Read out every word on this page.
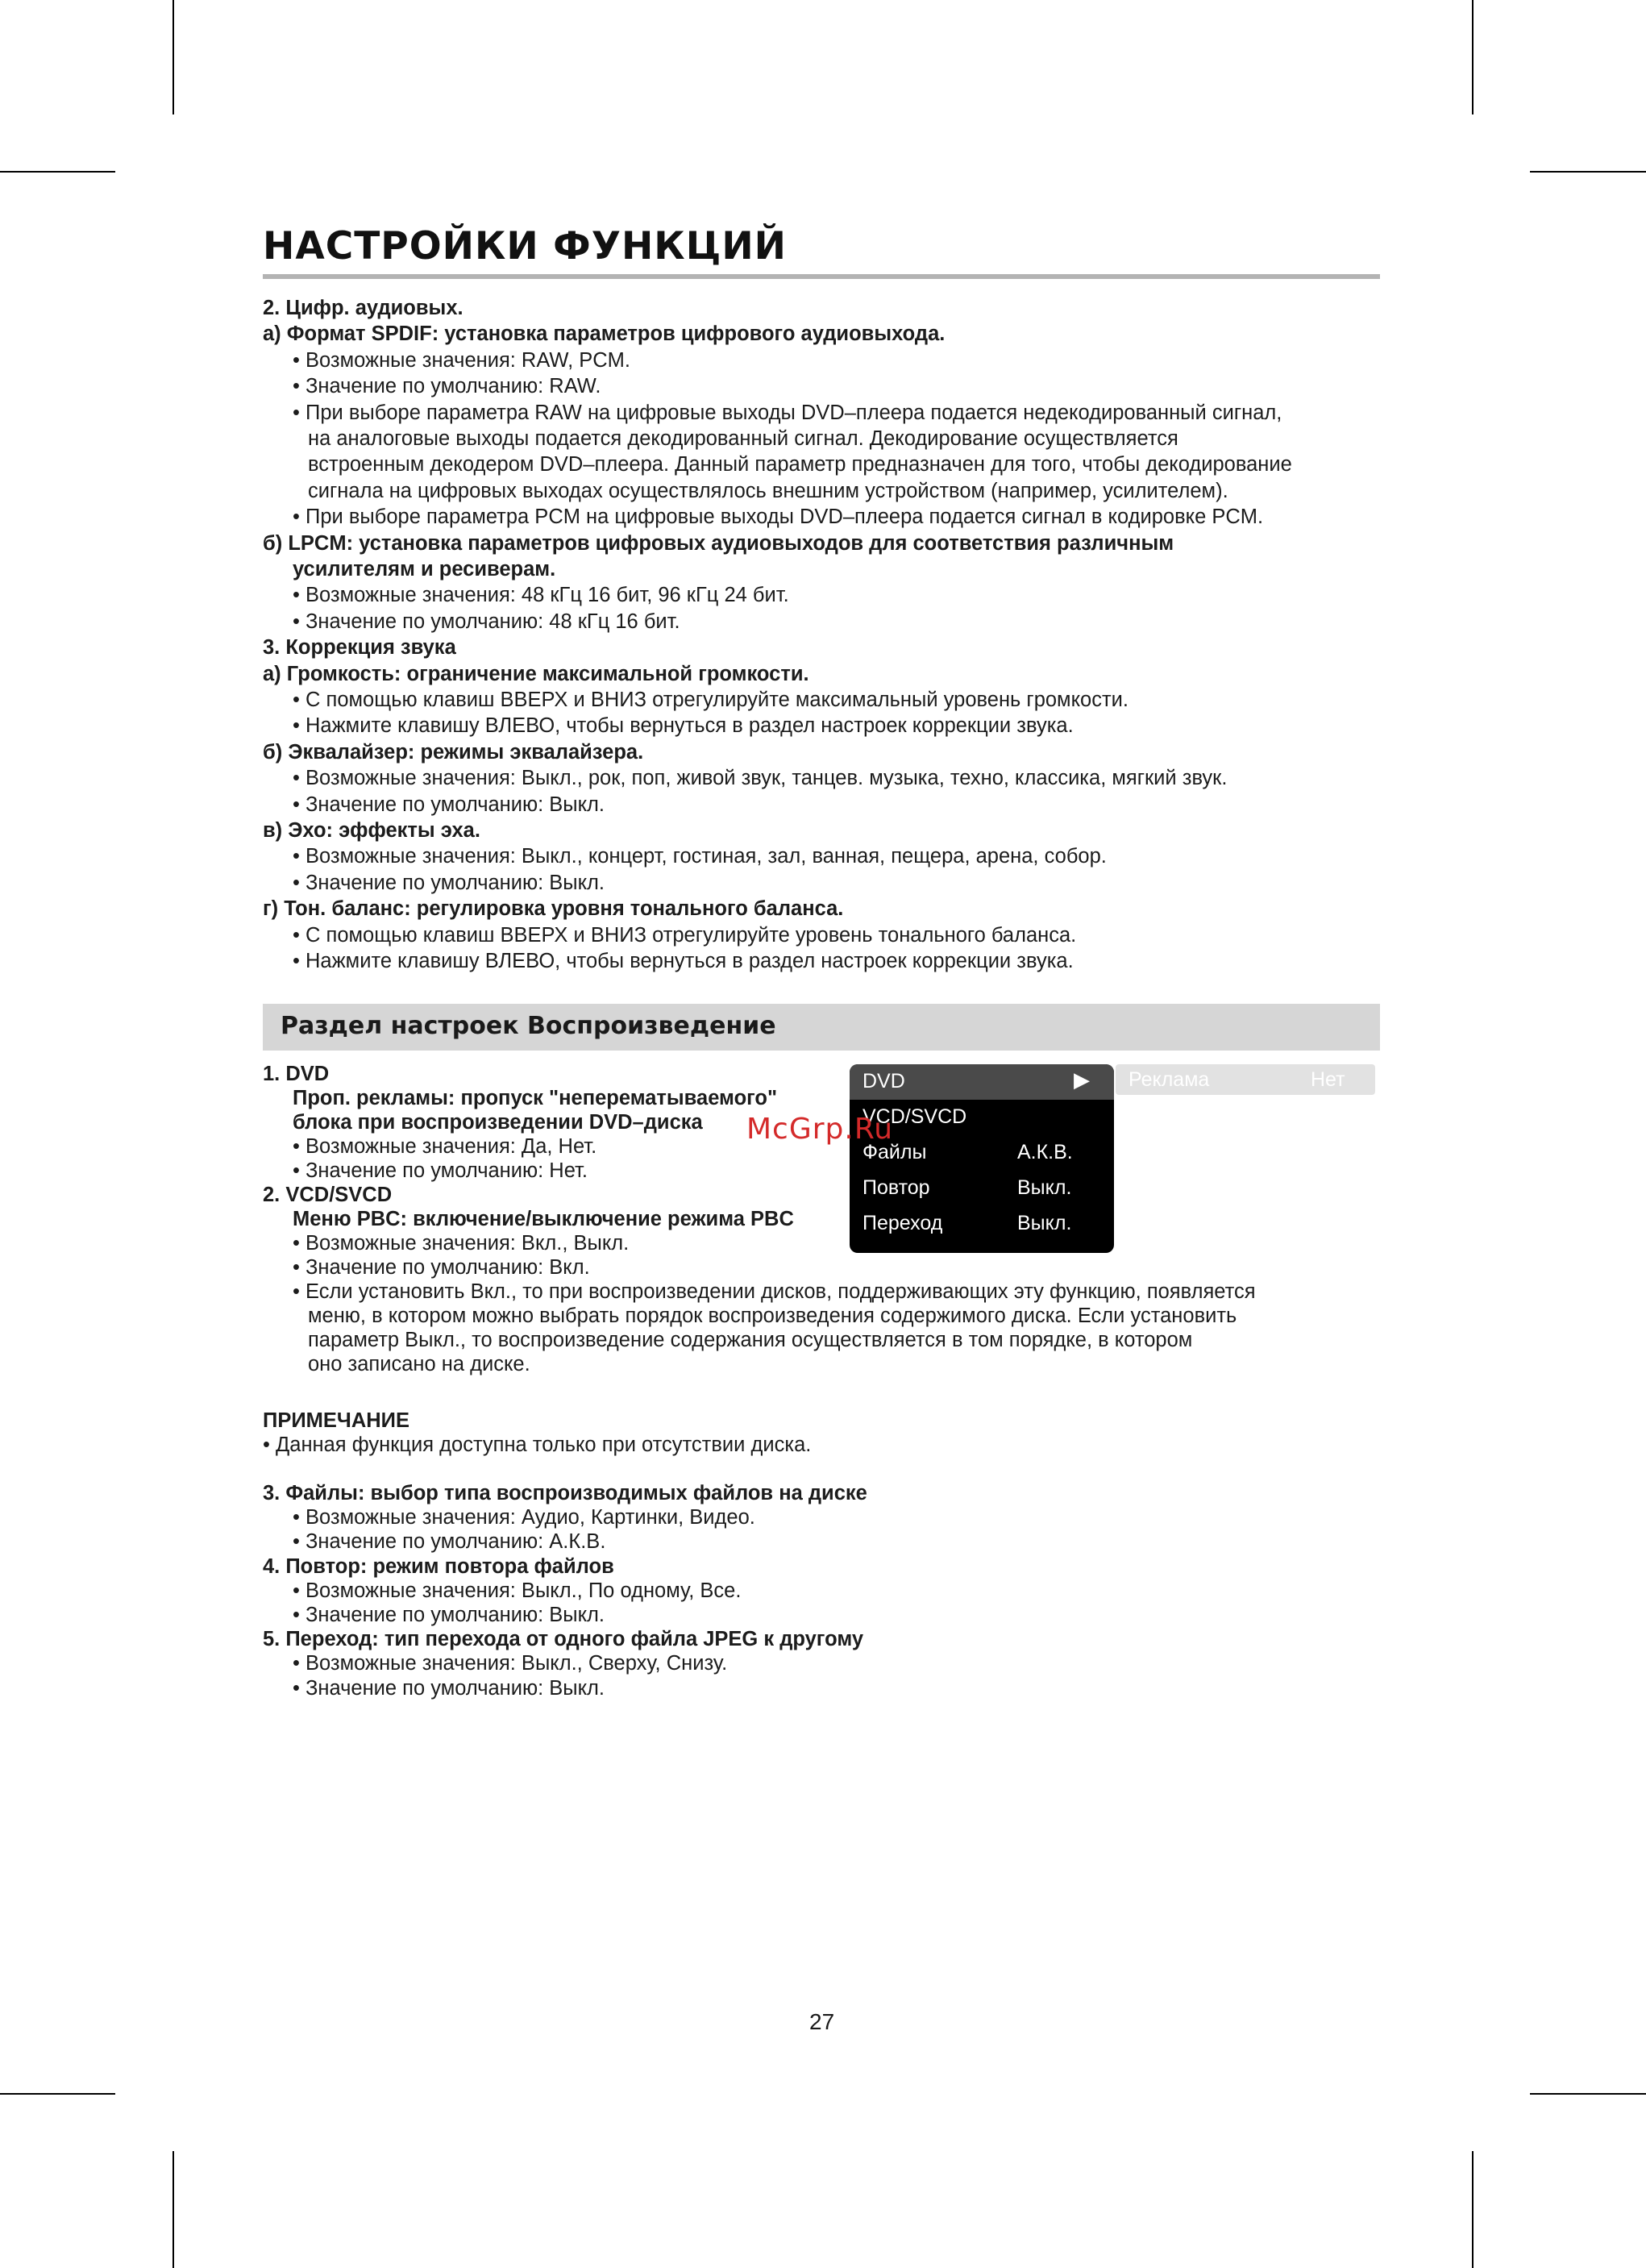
НАСТРОЙКИ ФУНКЦИЙ
2. Цифр. аудиовых.
а) Формат SPDIF: установка параметров цифрового аудиовыхода.
• Возможные значения: RAW, PCM.
• Значение по умолчанию: RAW.
• При выборе параметра RAW на цифровые выходы DVD–плеера подается недекодированный сигнал,
на аналоговые выходы подается декодированный сигнал. Декодирование осуществляется
встроенным декодером DVD–плеера. Данный параметр предназначен для того, чтобы декодирование
сигнала на цифровых выходах осуществлялось внешним устройством (например, усилителем).
• При выборе параметра PCM на цифровые выходы DVD–плеера подается сигнал в кодировке PCM.
б) LPCM: установка параметров цифровых аудиовыходов для соответствия различным
усилителям и ресиверам.
• Возможные значения: 48 кГц 16 бит, 96 кГц 24 бит.
• Значение по умолчанию: 48 кГц 16 бит.
3. Коррекция звука
а) Громкость: ограничение максимальной громкости.
• С помощью клавиш ВВЕРХ и ВНИЗ отрегулируйте максимальный уровень громкости.
• Нажмите клавишу ВЛЕВО, чтобы вернуться в раздел настроек коррекции звука.
б) Эквалайзер: режимы эквалайзера.
• Возможные значения: Выкл., рок, поп, живой звук, танцев. музыка, техно, классика, мягкий звук.
• Значение по умолчанию: Выкл.
в) Эхо: эффекты эха.
• Возможные значения: Выкл., концерт, гостиная, зал, ванная, пещера, арена, собор.
• Значение по умолчанию: Выкл.
г) Тон. баланс: регулировка уровня тонального баланса.
• С помощью клавиш ВВЕРХ и ВНИЗ отрегулируйте уровень тонального баланса.
• Нажмите клавишу ВЛЕВО, чтобы вернуться в раздел настроек коррекции звука.
Раздел настроек Воспроизведение
1. DVD
Проп. рекламы: пропуск "неперематываемого"
блока при воспроизведении DVD–диска
• Возможные значения: Да, Нет.
• Значение по умолчанию: Нет.
2. VCD/SVCD
Меню PBC: включение/выключение режима PBC
• Возможные значения: Вкл., Выкл.
• Значение по умолчанию: Вкл.
• Если установить Вкл., то при воспроизведении дисков, поддерживающих эту функцию, появляется
меню, в котором можно выбрать порядок воспроизведения содержимого диска. Если установить
параметр Выкл., то воспроизведение содержания осуществляется в том порядке, в котором
оно записано на диске.
ПРИМЕЧАНИЕ
• Данная функция доступна только при отсутствии диска.
3. Файлы: выбор типа воспроизводимых файлов на диске
• Возможные значения: Аудио, Картинки, Видео.
• Значение по умолчанию: А.К.В.
4. Повтор: режим повтора файлов
• Возможные значения: Выкл., По одному, Все.
• Значение по умолчанию: Выкл.
5. Переход: тип перехода от одного файла JPEG к другому
• Возможные значения: Выкл., Сверху, Снизу.
• Значение по умолчанию: Выкл.
DVD	▶
VCD/SVCD
Файлы	А.К.В.
Повтор	Выкл.
Переход	Выкл.
Реклама	Нет
McGrp.Ru
27
